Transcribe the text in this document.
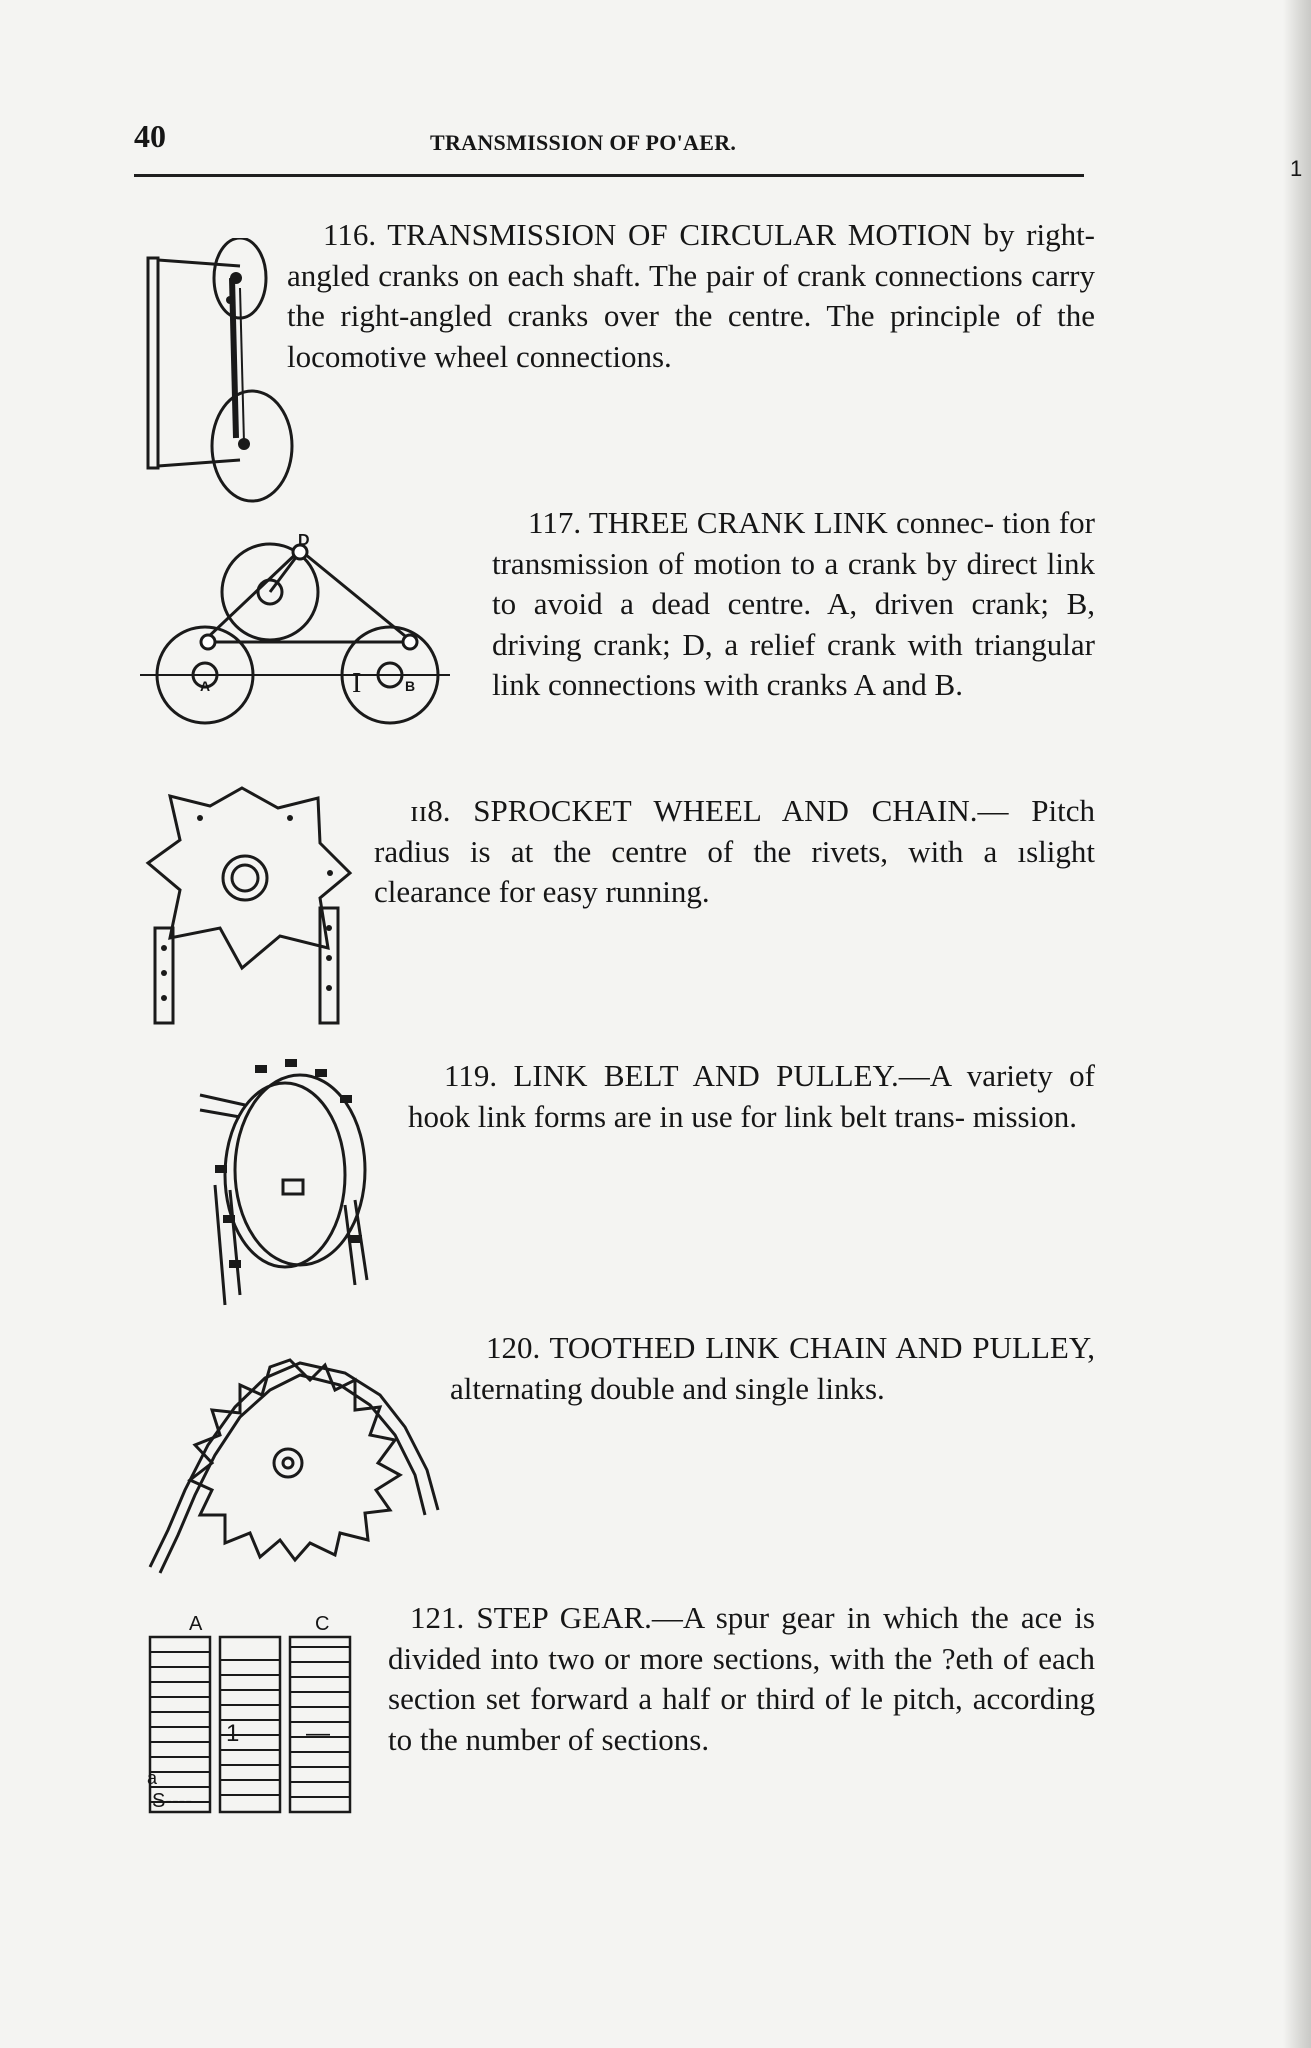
1
40	TRANSMISSION OF PO'AER.
116. TRANSMISSION OF CIRCULAR MOTION by right-angled cranks on each shaft. The pair of crank connections carry the right-angled cranks over the centre. The principle of the locomotive wheel connections.
D
A	B
I
117. THREE CRANK LINK connec- tion for transmission of motion to a crank by direct link to avoid a dead centre. A, driven crank; B, driving crank; D, a relief crank with triangular link connections with cranks A and B.
ɪɪ8. SPROCKET WHEEL AND CHAIN.— Pitch radius is at the centre of the rivets, with a ıslight clearance for easy running.
119. LINK BELT AND PULLEY.—A variety of hook link forms are in use for link belt trans- mission.
120. TOOTHED LINK CHAIN AND PULLEY, alternating double and single links.
A	C
1	—
a
S----
121. STEP GEAR.—A spur gear in which the ace is divided into two or more sections, with the ?eth of each section set forward a half or third of le pitch, according to the number of sections.
